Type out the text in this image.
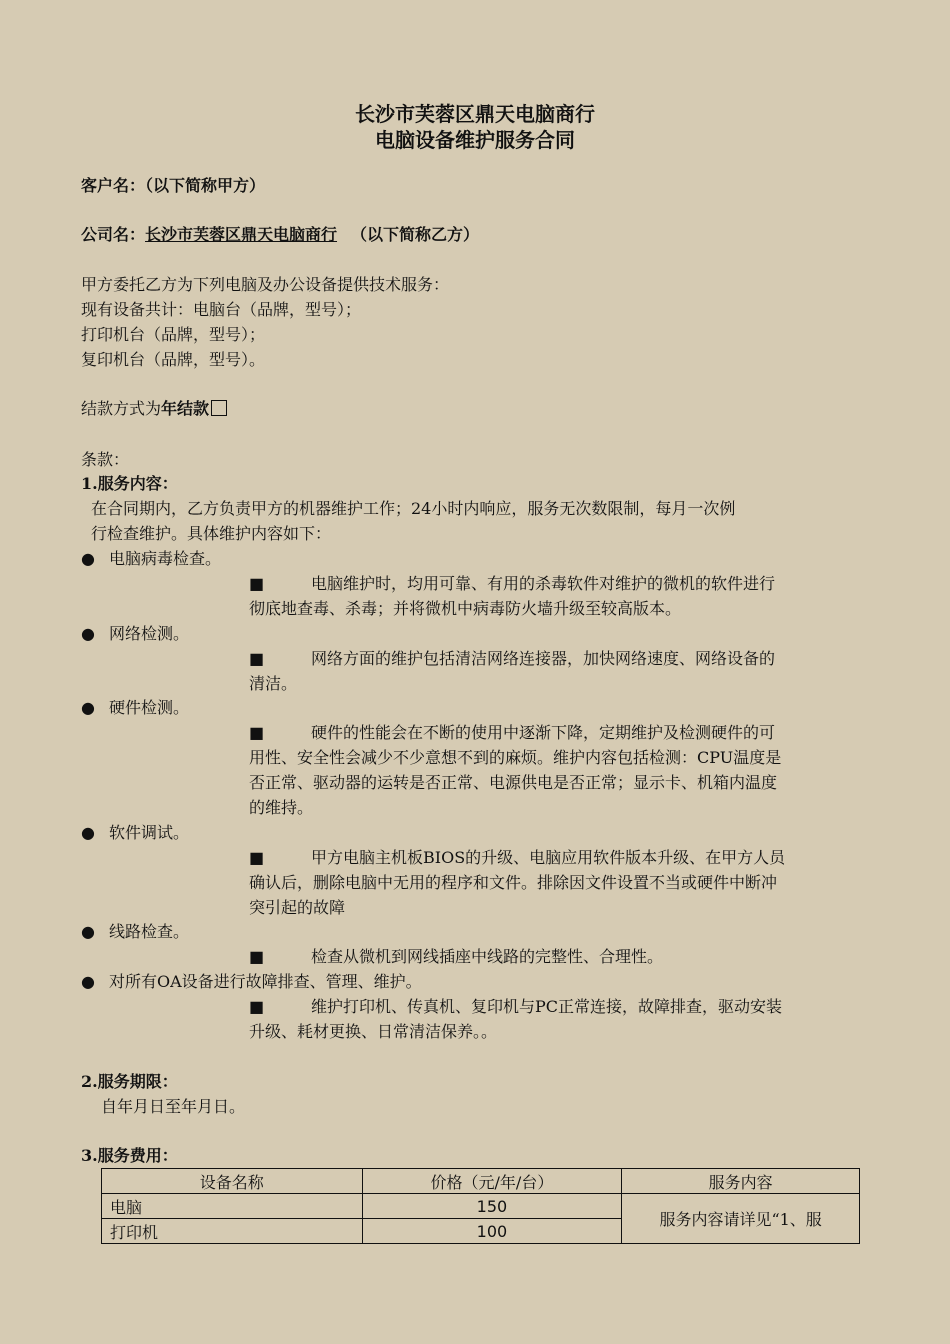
长沙市芙蓉区鼎天电脑商行
电脑设备维护服务合同
客户名：（以下简称甲方）
公司名：长沙市芙蓉区鼎天电脑商行 （以下简称乙方）
甲方委托乙方为下列电脑及办公设备提供技术服务：
现有设备共计：电脑台（品牌，型号）；
打印机台（品牌，型号）；
复印机台（品牌，型号）。
结款方式为年结款
条款：
1.服务内容：
在合同期内，乙方负责甲方的机器维护工作；24小时内响应，服务无次数限制，每月一次例
行检查维护。具体维护内容如下：
● 电脑病毒检查。
■	电脑维护时，均用可靠、有用的杀毒软件对维护的微机的软件进行
彻底地查毒、杀毒；并将微机中病毒防火墙升级至较高版本。
● 网络检测。
■	网络方面的维护包括清洁网络连接器，加快网络速度、网络设备的
清洁。
● 硬件检测。
■	硬件的性能会在不断的使用中逐渐下降，定期维护及检测硬件的可
用性、安全性会减少不少意想不到的麻烦。维护内容包括检测：CPU温度是
否正常、驱动器的运转是否正常、电源供电是否正常；显示卡、机箱内温度
的维持。
● 软件调试。
■	甲方电脑主机板BIOS的升级、电脑应用软件版本升级、在甲方人员
确认后，删除电脑中无用的程序和文件。排除因文件设置不当或硬件中断冲
突引起的故障
● 线路检查。
■	检查从微机到网线插座中线路的完整性、合理性。
● 对所有OA设备进行故障排查、管理、维护。
■	维护打印机、传真机、复印机与PC正常连接，故障排查，驱动安装
升级、耗材更换、日常清洁保养。。
2.服务期限：
自年月日至年月日。
3.服务费用：
设备名称	价格（元/年/台）	服务内容
电脑	150	服务内容请详见“1、服
打印机	100	
